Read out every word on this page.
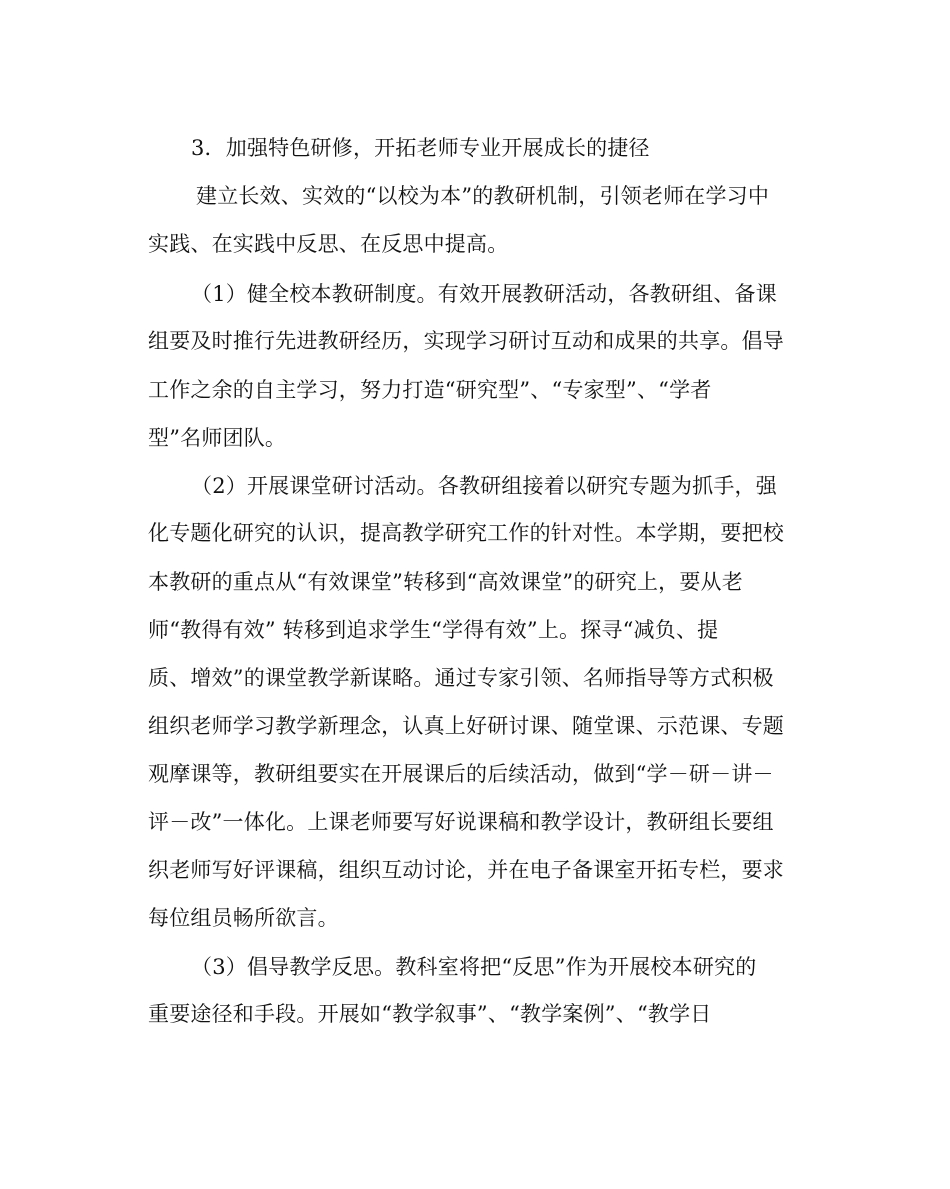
3．加强特色研修，开拓老师专业开展成长的捷径
建立长效、实效的“以校为本”的教研机制，引领老师在学习中
实践、在实践中反思、在反思中提高。
（1）健全校本教研制度。有效开展教研活动，各教研组、备课
组要及时推行先进教研经历，实现学习研讨互动和成果的共享。倡导
工作之余的自主学习，努力打造“研究型”、“专家型”、“学者
型”名师团队。
（2）开展课堂研讨活动。各教研组接着以研究专题为抓手，强
化专题化研究的认识，提高教学研究工作的针对性。本学期，要把校
本教研的重点从“有效课堂”转移到“高效课堂”的研究上，要从老
师“教得有效” 转移到追求学生“学得有效”上。探寻“减负、提
质、增效”的课堂教学新谋略。通过专家引领、名师指导等方式积极
组织老师学习教学新理念，认真上好研讨课、随堂课、示范课、专题
观摩课等，教研组要实在开展课后的后续活动，做到“学－研－讲－
评－改”一体化。上课老师要写好说课稿和教学设计，教研组长要组
织老师写好评课稿，组织互动讨论，并在电子备课室开拓专栏，要求
每位组员畅所欲言。
（3）倡导教学反思。教科室将把“反思”作为开展校本研究的
重要途径和手段。开展如“教学叙事”、“教学案例”、“教学日
